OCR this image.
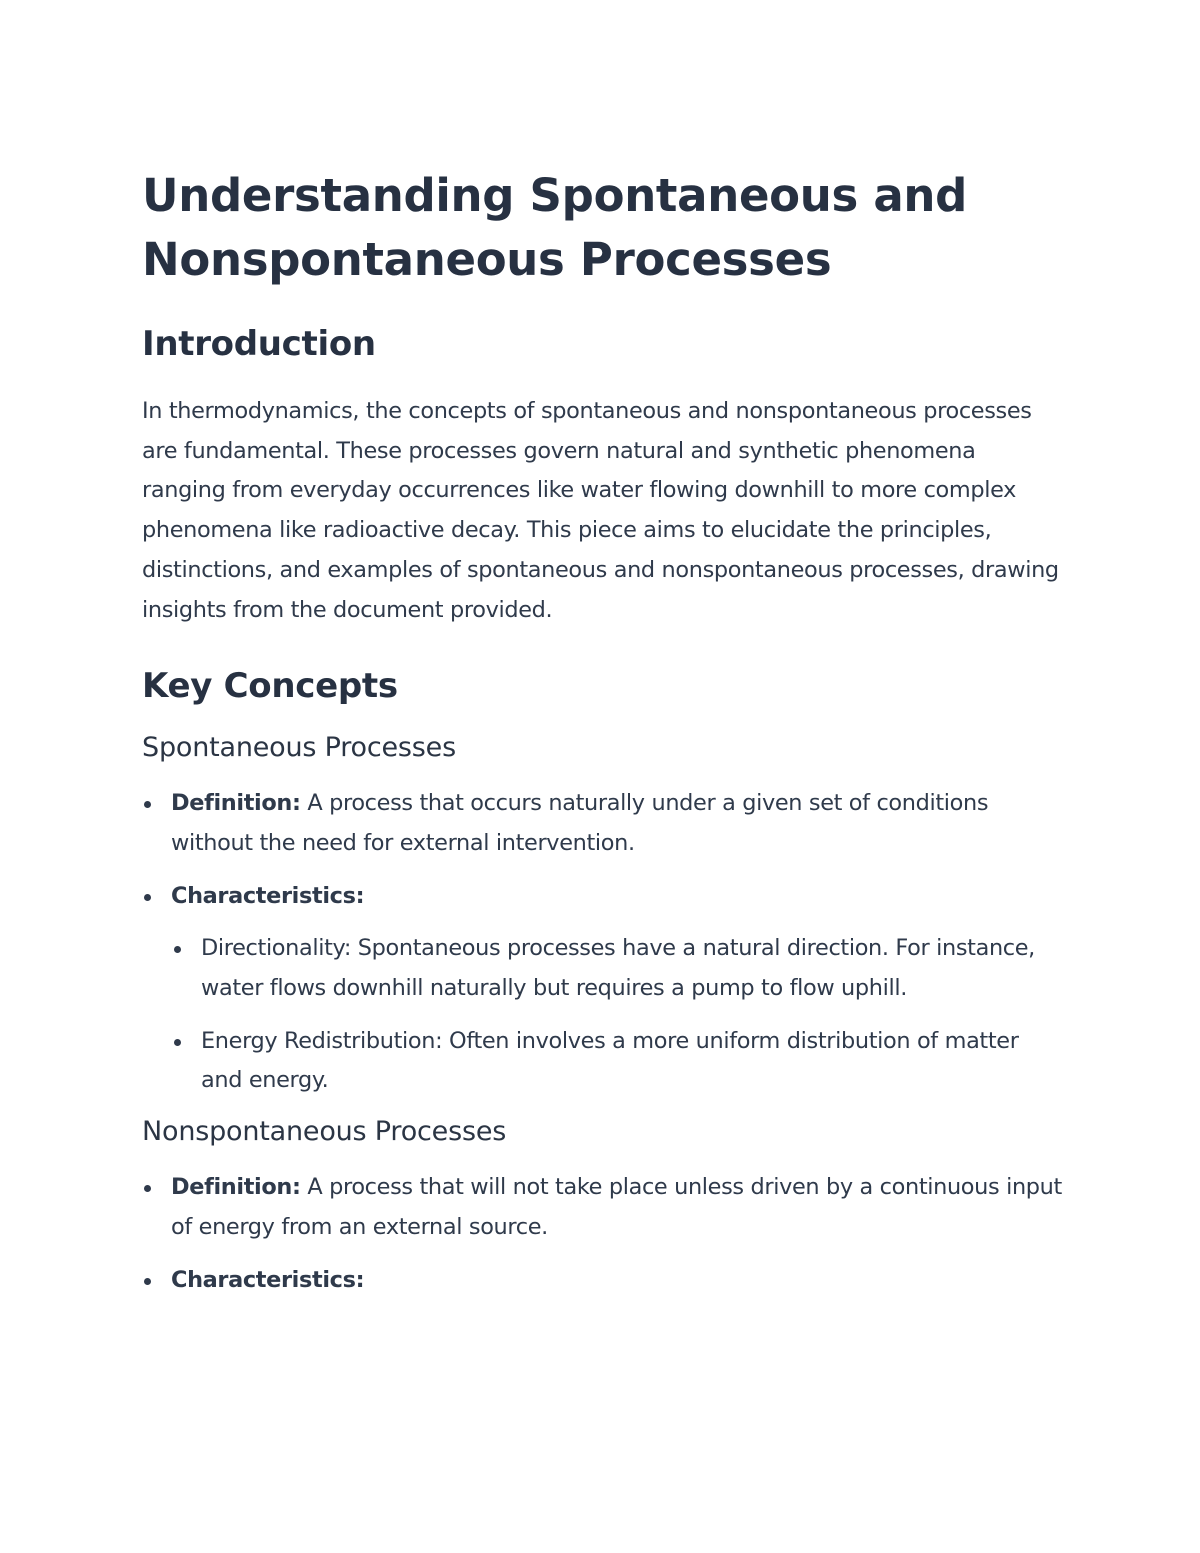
Understanding Spontaneous and Nonspontaneous Processes
Introduction

In thermodynamics, the concepts of spontaneous and nonspontaneous processes are fundamental. These processes govern natural and synthetic phenomena ranging from everyday occurrences like water flowing downhill to more complex phenomena like radioactive decay. This piece aims to elucidate the principles, distinctions, and examples of spontaneous and nonspontaneous processes, drawing insights from the document provided.

Key Concepts
Spontaneous Processes
Definition: A process that occurs naturally under a given set of conditions without the need for external intervention.
Characteristics:
Directionality: Spontaneous processes have a natural direction. For instance, water flows downhill naturally but requires a pump to flow uphill.
Energy Redistribution: Often involves a more uniform distribution of matter and energy.
Nonspontaneous Processes
Definition: A process that will not take place unless driven by a continuous input of energy from an external source.
Characteristics:
